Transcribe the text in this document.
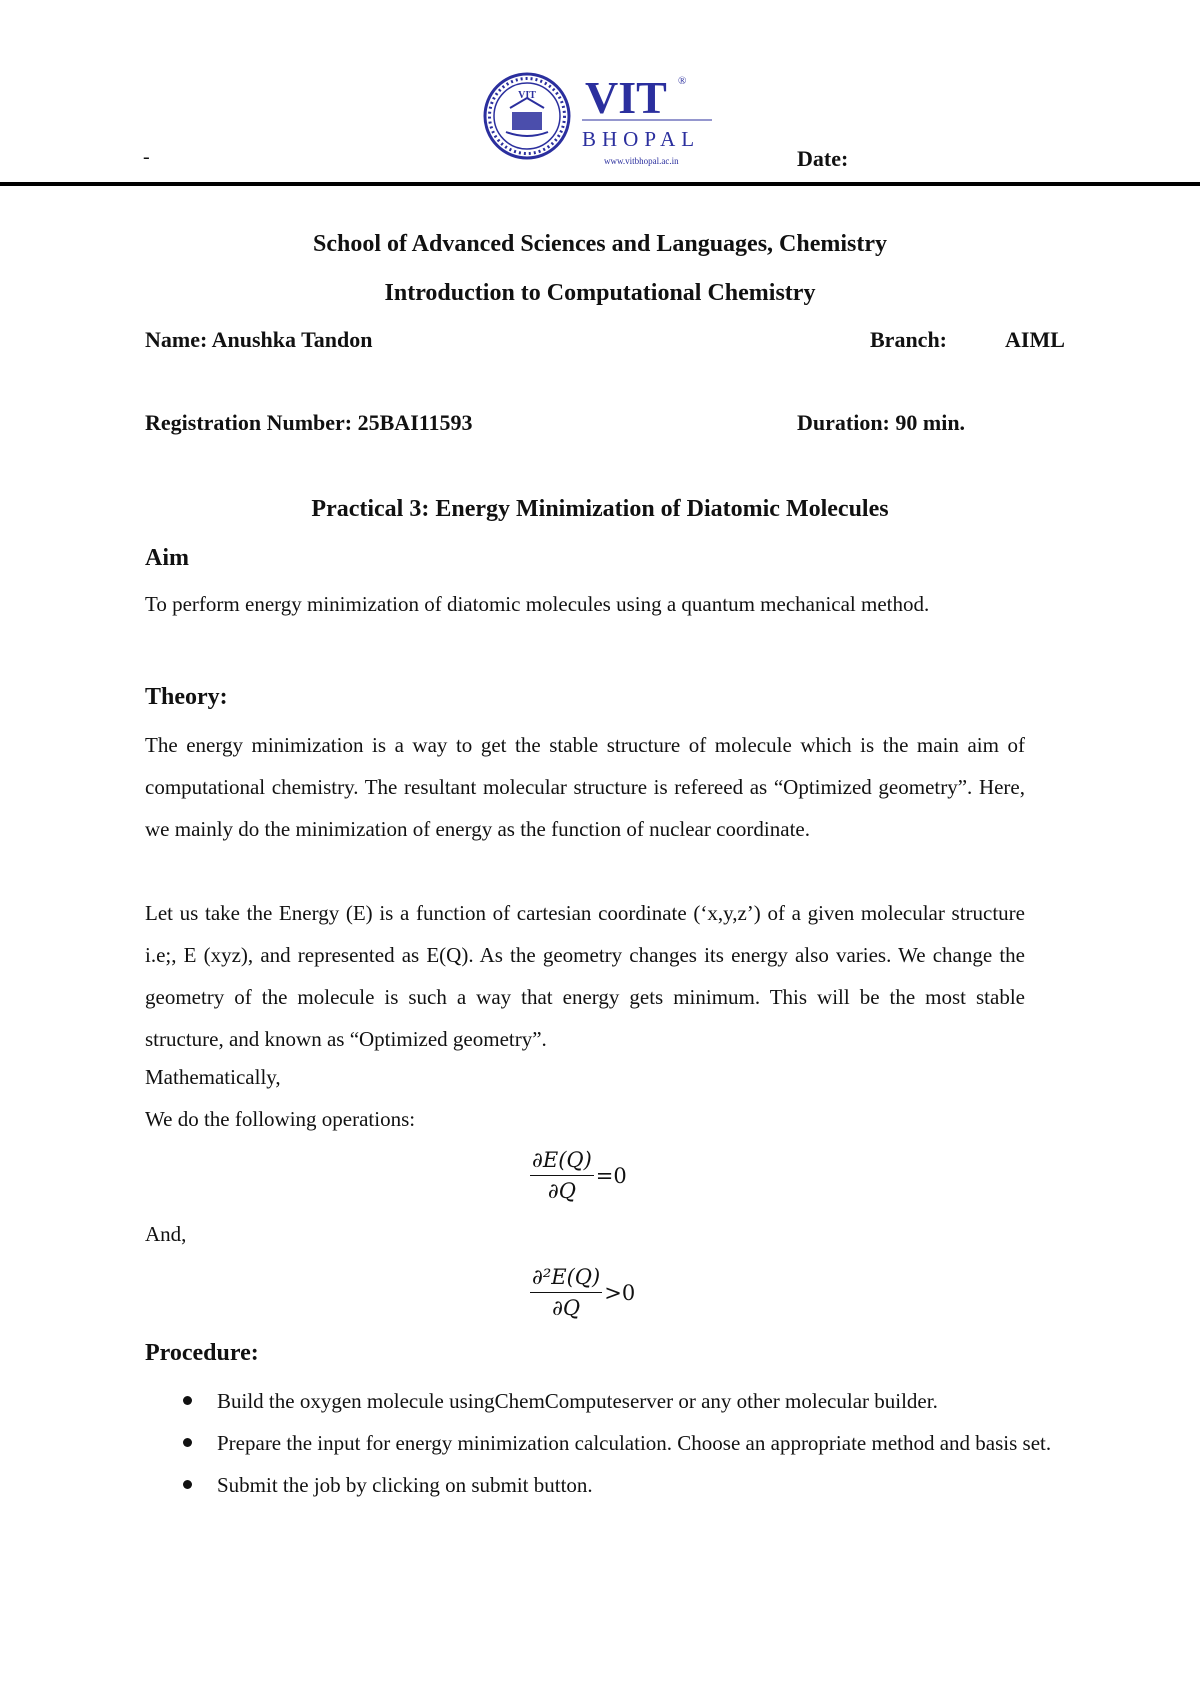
-
VIT VIT ®
BHOPAL
www.vitbhopal.ac.in	Date:
School of Advanced Sciences and Languages, Chemistry
Introduction to Computational Chemistry
Name: Anushka Tandon	Branch:	AIML
Registration Number: 25BAI11593	Duration: 90 min.
Practical 3: Energy Minimization of Diatomic Molecules
Aim
To perform energy minimization of diatomic molecules using a quantum mechanical method.
Theory:

The energy minimization is a way to get the stable structure of molecule which is the main aim of computational chemistry. The resultant molecular structure is refereed as “Optimized geometry”. Here, we mainly do the minimization of energy as the function of nuclear coordinate.

Let us take the Energy (E) is a function of cartesian coordinate (‘x,y,z’) of a given molecular structure i.e;, E (xyz), and represented as E(Q). As the geometry changes its energy also varies. We change the geometry of the molecule is such a way that energy gets minimum. This will be the most stable structure, and known as “Optimized geometry”.

Mathematically,
We do the following operations:
$\frac{\partial E(Q)}{\partial Q} =0$
And,
$\frac{\text{∂²E(Q)}}{\partial Q} >0$
Procedure:
Build the oxygen molecule usingChemComputeserver or any other molecular builder.
Prepare the input for energy minimization calculation. Choose an appropriate method and basis set.
Submit the job by clicking on submit button.
